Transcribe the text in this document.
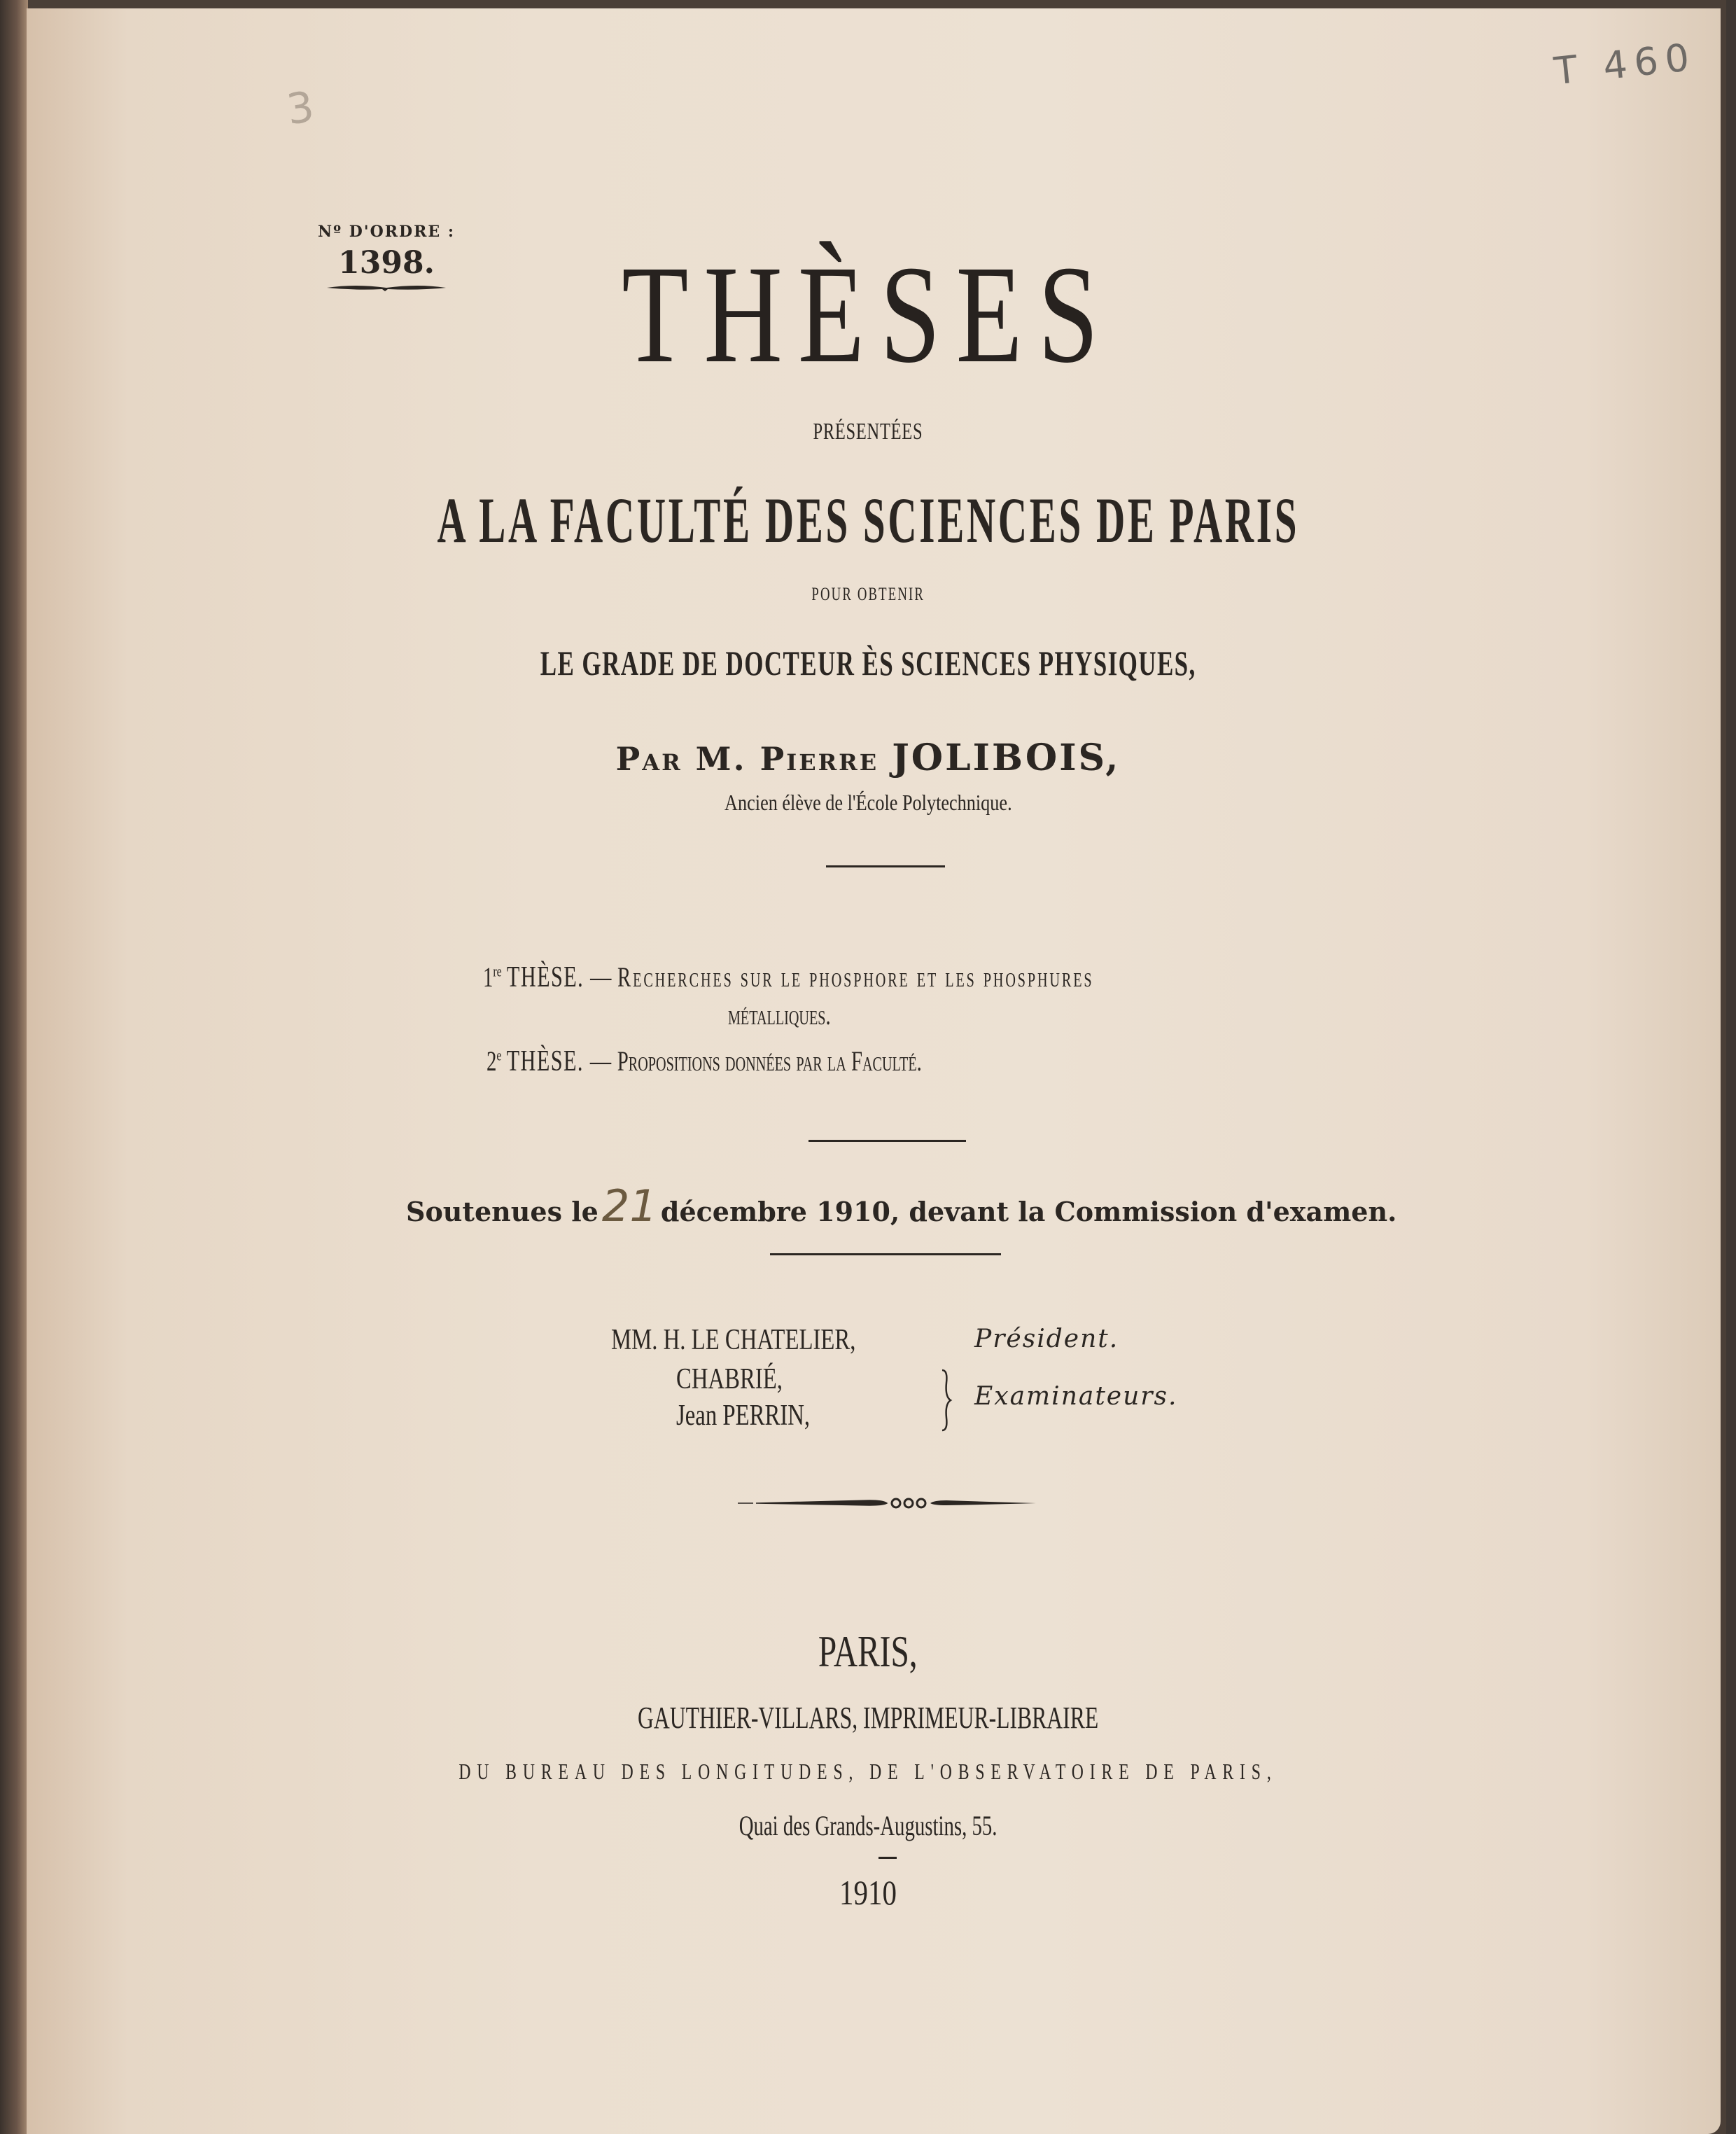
T 460
3
Nº D'ORDRE :
1398.	THÈSES
PRÉSENTÉES
A LA FACULTÉ DES SCIENCES DE PARIS
POUR OBTENIR
LE GRADE DE DOCTEUR ÈS SCIENCES PHYSIQUES,
Par M. Pierre JOLIBOIS,
Ancien élève de l'École Polytechnique.
1re THÈSE. — Recherches sur le phosphore et les phosphures
métalliques.
2e THÈSE. — Propositions données par la Faculté.
Soutenues le 21 décembre 1910, devant la Commission d'examen.
MM. H. LE CHATELIER,	Président.
CHABRIÉ,
Jean PERRIN,
Examinateurs.
PARIS,
GAUTHIER-VILLARS, IMPRIMEUR-LIBRAIRE
DU BUREAU DES LONGITUDES, DE L'OBSERVATOIRE DE PARIS,
Quai des Grands-Augustins, 55.
1910
